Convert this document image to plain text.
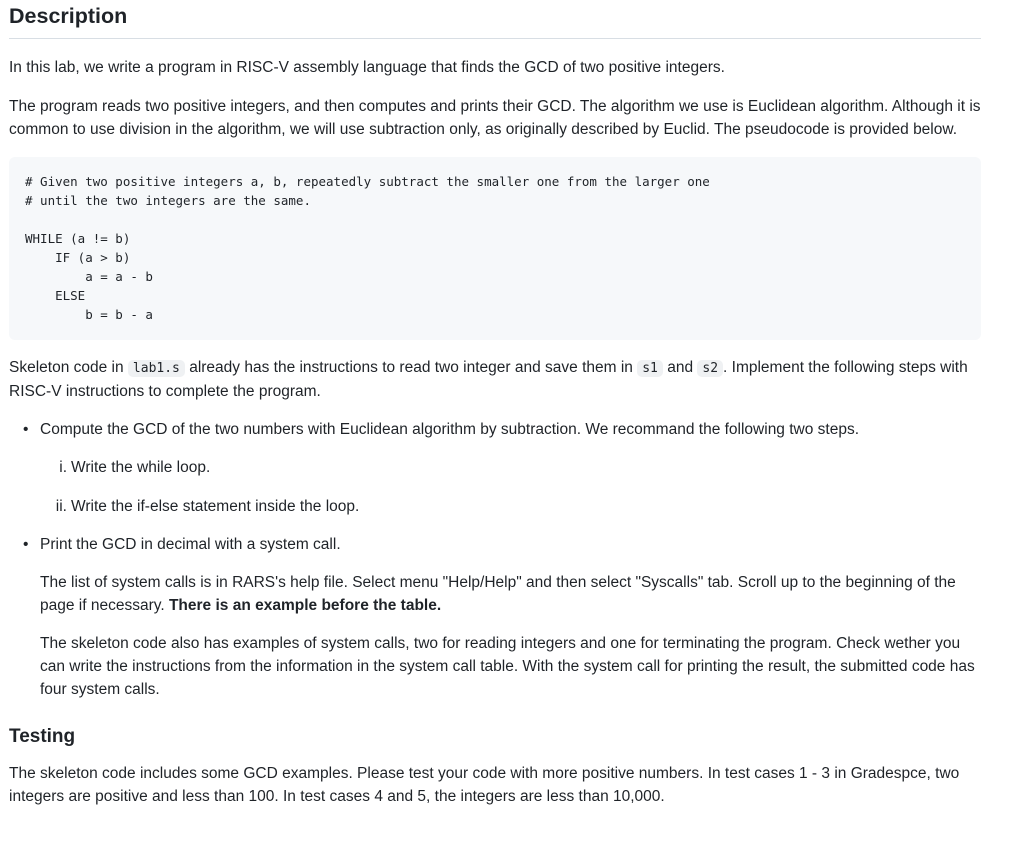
Description

In this lab, we write a program in RISC-V assembly language that finds the GCD of two positive integers.

The program reads two positive integers, and then computes and prints their GCD. The algorithm we use is Euclidean algorithm. Although it is common to use division in the algorithm, we will use subtraction only, as originally described by Euclid. The pseudocode is provided below.

# Given two positive integers a, b, repeatedly subtract the smaller one from the larger one
# until the two integers are the same.

WHILE (a != b)
IF (a > b)
a = a - b
ELSE
b = b - a

Skeleton code in lab1.s already has the instructions to read two integer and save them in s1 and s2 . Implement the following steps with RISC-V instructions to complete the program.

• Compute the GCD of the two numbers with Euclidean algorithm by subtraction. We recommand the following two steps.

i. Write the while loop.
ii. Write the if-else statement inside the loop.
• Print the GCD in decimal with a system call.

The list of system calls is in RARS's help file. Select menu "Help/Help" and then select "Syscalls" tab. Scroll up to the beginning of the page if necessary. There is an example before the table.

The skeleton code also has examples of system calls, two for reading integers and one for terminating the program. Check wether you can write the instructions from the information in the system call table. With the system call for printing the result, the submitted code has four system calls.

Testing

The skeleton code includes some GCD examples. Please test your code with more positive numbers. In test cases 1 - 3 in Gradespce, two integers are positive and less than 100. In test cases 4 and 5, the integers are less than 10,000.
